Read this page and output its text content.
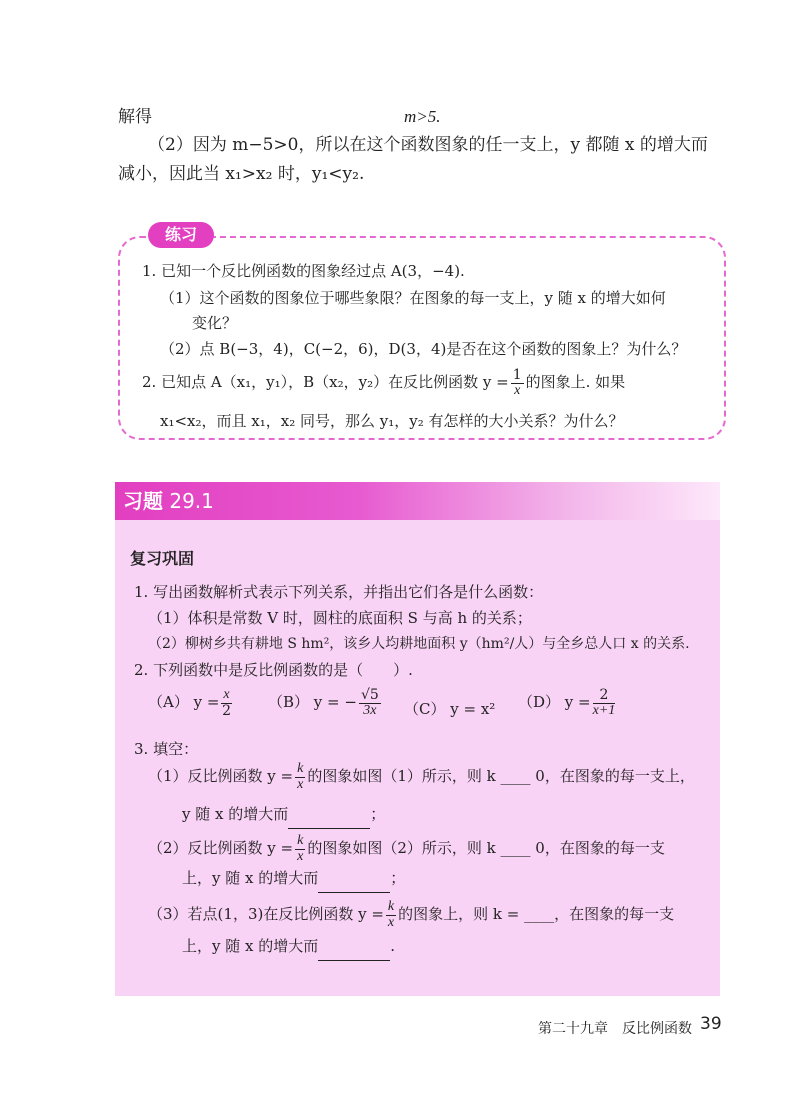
解得	m>5.
（2）因为 m−5>0，所以在这个函数图象的任一支上，y 都随 x 的增大而
减小，因此当 x₁>x₂ 时，y₁<y₂.
练习
1. 已知一个反比例函数的图象经过点 A(3，−4).
（1）这个函数的图象位于哪些象限？在图象的每一支上，y 随 x 的增大如何
变化？
（2）点 B(−3，4)，C(−2，6)，D(3，4)是否在这个函数的图象上？为什么？
2. 已知点 A（x₁，y₁），B（x₂，y₂）在反比例函数 $y = \frac{1}{x}$ 的图象上. 如果
x₁<x₂，而且 x₁，x₂ 同号，那么 y₁，y₂ 有怎样的大小关系？为什么？
习题 29.1
复习巩固
1. 写出函数解析式表示下列关系，并指出它们各是什么函数：
（1）体积是常数 V 时，圆柱的底面积 S 与高 h 的关系；
（2）柳树乡共有耕地 S hm²，该乡人均耕地面积 y（hm²/人）与全乡总人口 x 的关系.
2. 下列函数中是反比例函数的是（　　）.
（A） $y = \frac{x}{2} (B) y$ = − $\frac{√5}{3x} (C) y = x^2$ （D） $y = \frac{2}{x+1}$
3. 填空：
（1）反比例函数 $y = \frac{k}{x}$ 的图象如图（1）所示，则 k ____ 0，在图象的每一支上，
y 随 x 的增大而	；
（2）反比例函数 $y = \frac{k}{x}$ 的图象如图（2）所示，则 k ____ 0，在图象的每一支
上，y 随 x 的增大而	；
（3）若点(1，3)在反比例函数 $y = \frac{k}{x}$ 的图象上，则 k = ____，在图象的每一支
上，y 随 x 的增大而	.
第二十九章　反比例函数 39
